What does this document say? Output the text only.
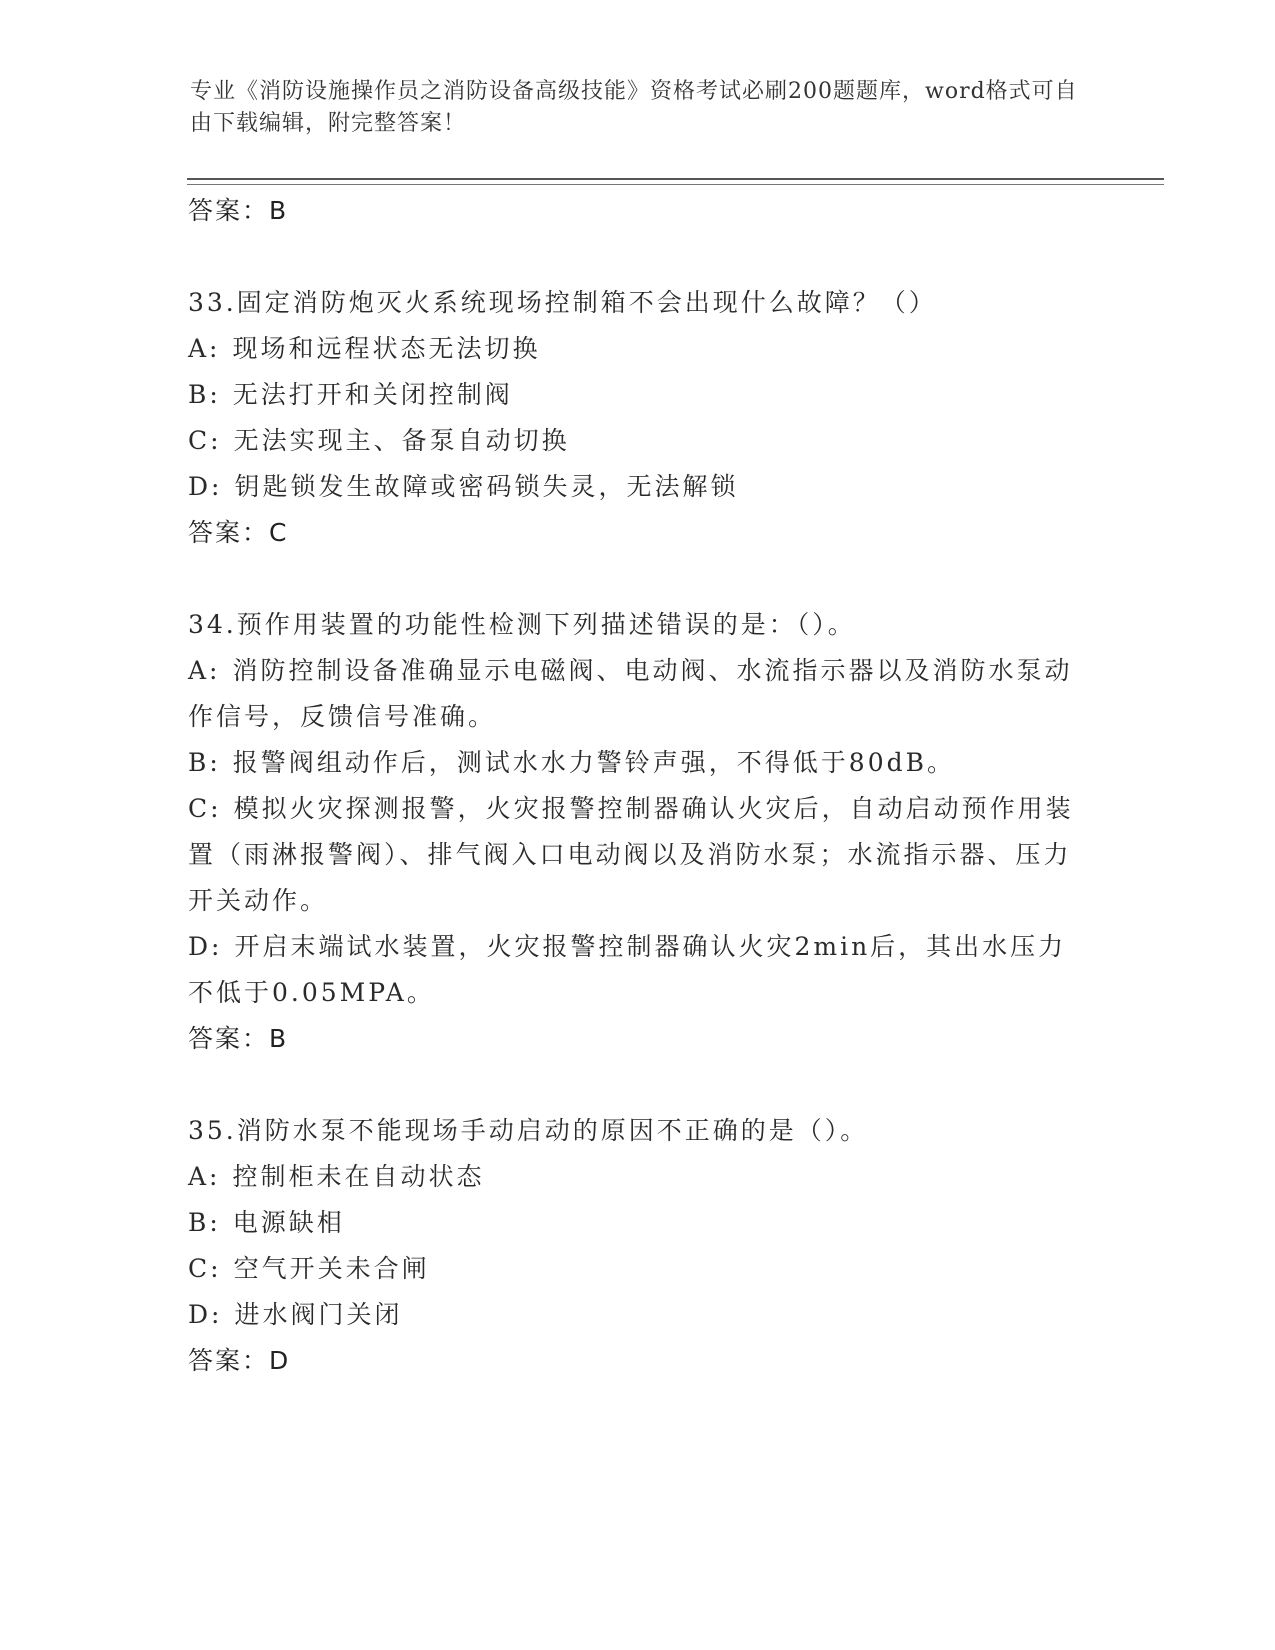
专业《消防设施操作员之消防设备高级技能》资格考试必刷200题题库，word格式可自由下载编辑，附完整答案！
答案：B
33.固定消防炮灭火系统现场控制箱不会出现什么故障？（）
A: 现场和远程状态无法切换
B: 无法打开和关闭控制阀
C: 无法实现主、备泵自动切换
D: 钥匙锁发生故障或密码锁失灵，无法解锁
答案：C
34.预作用装置的功能性检测下列描述错误的是：（）。
A: 消防控制设备准确显示电磁阀、电动阀、水流指示器以及消防水泵动作信号，反馈信号准确。
B: 报警阀组动作后，测试水水力警铃声强，不得低于80dB。
C: 模拟火灾探测报警，火灾报警控制器确认火灾后，自动启动预作用装置（雨淋报警阀）、排气阀入口电动阀以及消防水泵；水流指示器、压力开关动作。
D: 开启末端试水装置，火灾报警控制器确认火灾2min后，其出水压力不低于0.05MPA。
答案：B
35.消防水泵不能现场手动启动的原因不正确的是（）。
A: 控制柜未在自动状态
B: 电源缺相
C: 空气开关未合闸
D: 进水阀门关闭
答案：D
